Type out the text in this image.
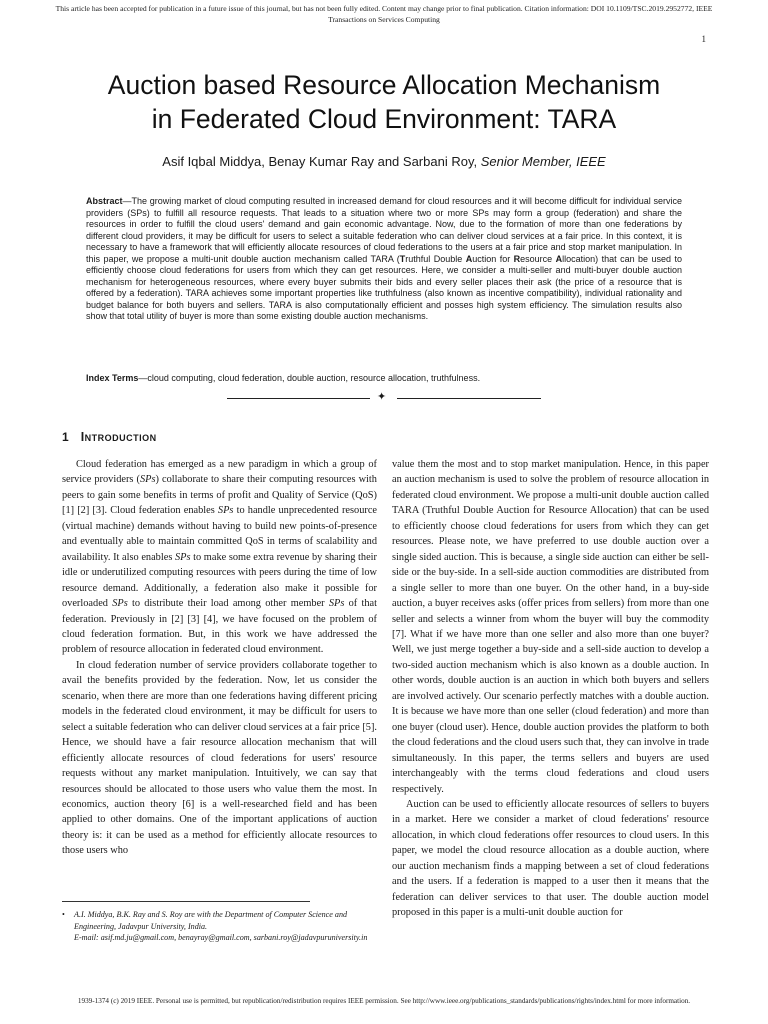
This article has been accepted for publication in a future issue of this journal, but has not been fully edited. Content may change prior to final publication. Citation information: DOI 10.1109/TSC.2019.2952772, IEEE
Transactions on Services Computing
1
Auction based Resource Allocation Mechanism
in Federated Cloud Environment: TARA
Asif Iqbal Middya, Benay Kumar Ray and Sarbani Roy, Senior Member, IEEE
Abstract—The growing market of cloud computing resulted in increased demand for cloud resources and it will become difficult for individual service providers (SPs) to fulfill all resource requests. That leads to a situation where two or more SPs may form a group (federation) and share the resources in order to fulfill the cloud users' demand and gain economic advantage. Now, due to the formation of more than one federations by different cloud providers, it may be difficult for users to select a suitable federation who can deliver cloud services at a fair price. In this context, it is necessary to have a framework that will efficiently allocate resources of cloud federations to the users at a fair price and stop market manipulation. In this paper, we propose a multi-unit double auction mechanism called TARA (Truthful Double Auction for Resource Allocation) that can be used to efficiently choose cloud federations for users from which they can get resources. Here, we consider a multi-seller and multi-buyer double auction mechanism for heterogeneous resources, where every buyer submits their bids and every seller places their ask (the price of a resource that is offered by a federation). TARA achieves some important properties like truthfulness (also known as incentive compatibility), individual rationality and budget balance for both buyers and sellers. TARA is also computationally efficient and posses high system efficiency. The simulation results also show that total utility of buyer is more than some existing double auction mechanisms.
Index Terms—cloud computing, cloud federation, double auction, resource allocation, truthfulness.
✦
1 Introduction

Cloud federation has emerged as a new paradigm in which a group of service providers (SPs) collaborate to share their computing resources with peers to gain some benefits in terms of profit and Quality of Service (QoS) [1] [2] [3]. Cloud federation enables SPs to handle unprecedented resource (virtual machine) demands without having to build new points-of-presence and eventually able to maintain committed QoS in terms of scalability and availability. It also enables SPs to make some extra revenue by sharing their idle or underutilized computing resources with peers during the time of low resource demand. Additionally, a federation also make it possible for overloaded SPs to distribute their load among other member SPs of that federation. Previously in [2] [3] [4], we have focused on the problem of cloud federation formation. But, in this work we have addressed the problem of resource allocation in federated cloud environment.

In cloud federation number of service providers collaborate together to avail the benefits provided by the federation. Now, let us consider the scenario, when there are more than one federations having different pricing models in the federated cloud environment, it may be difficult for users to select a suitable federation who can deliver cloud services at a fair price [5]. Hence, we should have a fair resource allocation mechanism that will efficiently allocate resources of cloud federations for users' resource requests without any market manipulation. Intuitively, we can say that resources should be allocated to those users who value them the most. In economics, auction theory [6] is a well-researched field and has been applied to other domains. One of the important applications of auction theory is: it can be used as a method for efficiently allocate resources to those users who

• A.I. Middya, B.K. Ray and S. Roy are with the Department of Computer Science and Engineering, Jadavpur University, India.
E-mail: asif.md.ju@gmail.com, benayray@gmail.com, sarbani.roy@jadavpuruniversity.in

value them the most and to stop market manipulation. Hence, in this paper an auction mechanism is used to solve the problem of resource allocation in federated cloud environment. We propose a multi-unit double auction called TARA (Truthful Double Auction for Resource Allocation) that can be used to efficiently choose cloud federations for users from which they can get resources. Please note, we have preferred to use double auction over a single sided auction. This is because, a single side auction can either be sell-side or the buy-side. In a sell-side auction commodities are distributed from a single seller to more than one buyer. On the other hand, in a buy-side auction, a buyer receives asks (offer prices from sellers) from more than one seller and selects a winner from whom the buyer will buy the commodity [7]. What if we have more than one seller and also more than one buyer? Well, we just merge together a buy-side and a sell-side auction to develop a two-sided auction mechanism which is also known as a double auction. In other words, double auction is an auction in which both buyers and sellers are involved actively. Our scenario perfectly matches with a double auction. It is because we have more than one seller (cloud federation) and more than one buyer (cloud user). Hence, double auction provides the platform to both the cloud federations and the cloud users such that, they can involve in trade simultaneously. In this paper, the terms sellers and buyers are used interchangeably with the terms cloud federations and cloud users respectively.

Auction can be used to efficiently allocate resources of sellers to buyers in a market. Here we consider a market of cloud federations' resource allocation, in which cloud federations offer resources to cloud users. In this paper, we model the cloud resource allocation as a double auction, where our auction mechanism finds a mapping between a set of cloud federations and the users. If a federation is mapped to a user then it means that the federation can deliver services to that user. The double auction model proposed in this paper is a multi-unit double auction for

1939-1374 (c) 2019 IEEE. Personal use is permitted, but republication/redistribution requires IEEE permission. See http://www.ieee.org/publications_standards/publications/rights/index.html for more information.
